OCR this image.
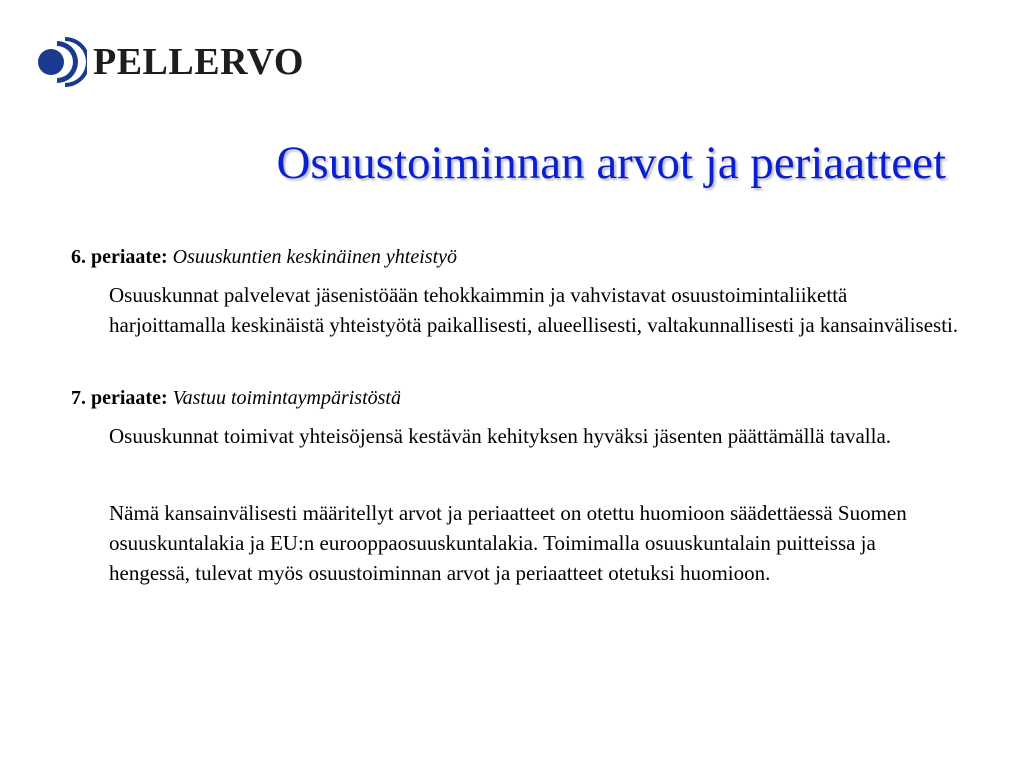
PELLERVO
Osuustoiminnan arvot ja periaatteet

6. periaate: Osuuskuntien keskinäinen yhteistyö

Osuuskunnat palvelevat jäsenistöään tehokkaimmin ja vahvistavat osuustoimintaliikettä harjoittamalla keskinäistä yhteistyötä paikallisesti, alueellisesti, valtakunnallisesti ja kansainvälisesti.

7. periaate: Vastuu toimintaympäristöstä

Osuuskunnat toimivat yhteisöjensä kestävän kehityksen hyväksi jäsenten päättämällä tavalla.

Nämä kansainvälisesti määritellyt arvot ja periaatteet on otettu huomioon säädettäessä Suomen osuuskuntalakia ja EU:n eurooppaosuuskuntalakia. Toimimalla osuuskuntalain puitteissa ja hengessä, tulevat myös osuustoiminnan arvot ja periaatteet otetuksi huomioon.
